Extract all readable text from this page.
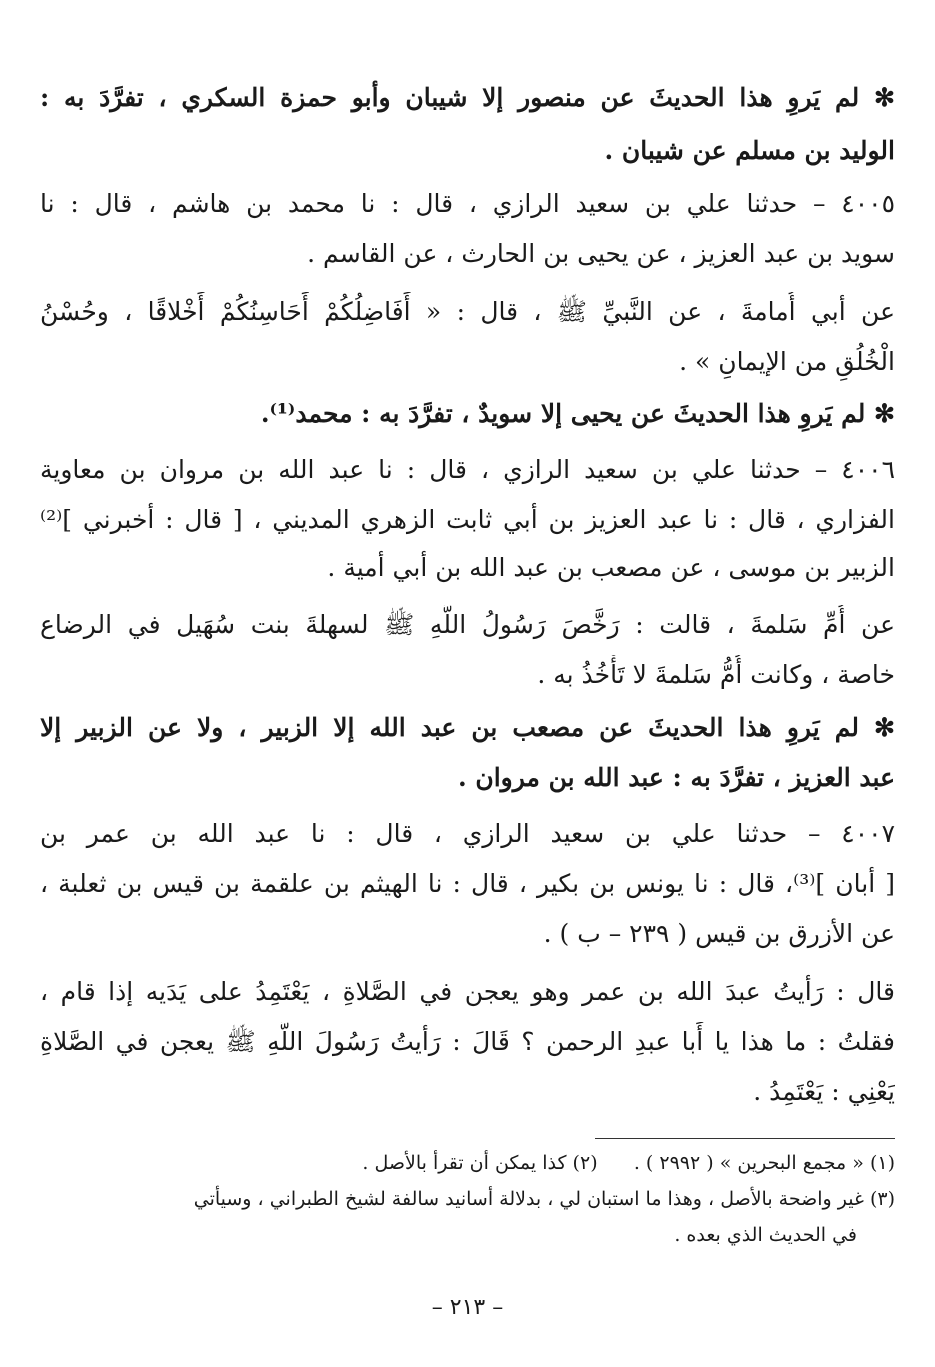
✻ لم يَروِ هذا الحديثَ عن منصور إلا شيبان وأبو حمزة السكري ، تفرَّدَ به :
الوليد بن مسلم عن شيبان .
٤٠٠٥ – حدثنا علي بن سعيد الرازي ، قال : نا محمد بن هاشم ، قال : نا
سويد بن عبد العزيز ، عن يحيى بن الحارث ، عن القاسم .
عن أبي أُمامةَ ، عن النَّبيِّ ﷺ ، قال : « أَفَاضِلُكُمْ أَحَاسِنُكُمْ أَخْلاقًا ، وحُسْنُ
الْخُلُقِ من الإيمانِ » .
✻ لم يَروِ هذا الحديثَ عن يحيى إلا سويدٌ ، تفرَّدَ به : محمد⁽¹⁾.
٤٠٠٦ – حدثنا علي بن سعيد الرازي ، قال : نا عبد الله بن مروان بن معاوية
الفزاري ، قال : نا عبد العزيز بن أبي ثابت الزهري المديني ، [ قال : أخبرني ]⁽²⁾
الزبير بن موسى ، عن مصعب بن عبد الله بن أبي أمية .
عن أُمِّ سَلمةَ ، قالت : رَخَّصَ رَسُولُ اللَّهِ ﷺ لسهلةَ بنت سُهَيل في الرضاع
خاصة ، وكانت أُمُّ سَلمةَ لا تَأْخُذُ به .
✻ لم يَروِ هذا الحديثَ عن مصعب بن عبد الله إلا الزبير ، ولا عن الزبير إلا
عبد العزيز ، تفرَّدَ به : عبد الله بن مروان .
٤٠٠٧ – حدثنا علي بن سعيد الرازي ، قال : نا عبد الله بن عمر بن
[ أبان ]⁽³⁾، قال : نا يونس بن بكير ، قال : نا الهيثم بن علقمة بن قيس بن ثعلبة ،
عن الأزرق بن قيس ( ٢٣٩ – ب ) .
قال : رَأيتُ عبدَ الله بن عمر وهو يعجن في الصَّلاةِ ، يَعْتَمِدُ على يَدَيه إذا قام ،
فقلتُ : ما هذا يا أَبا عبدِ الرحمن ؟ قَالَ : رَأيتُ رَسُولَ اللَّهِ ﷺ يعجن في الصَّلاةِ
يَعْنِي : يَعْتَمِدُ .
(١) « مجمع البحرين » ( ٢٩٩٢ ) .      (٢) كذا يمكن أن تقرأ بالأصل .
(٣) غير واضحة بالأصل ، وهذا ما استبان لي ، بدلالة أسانيد سالفة لشيخ الطبراني ، وسيأتي
في الحديث الذي بعده .
– ٢١٣ –
